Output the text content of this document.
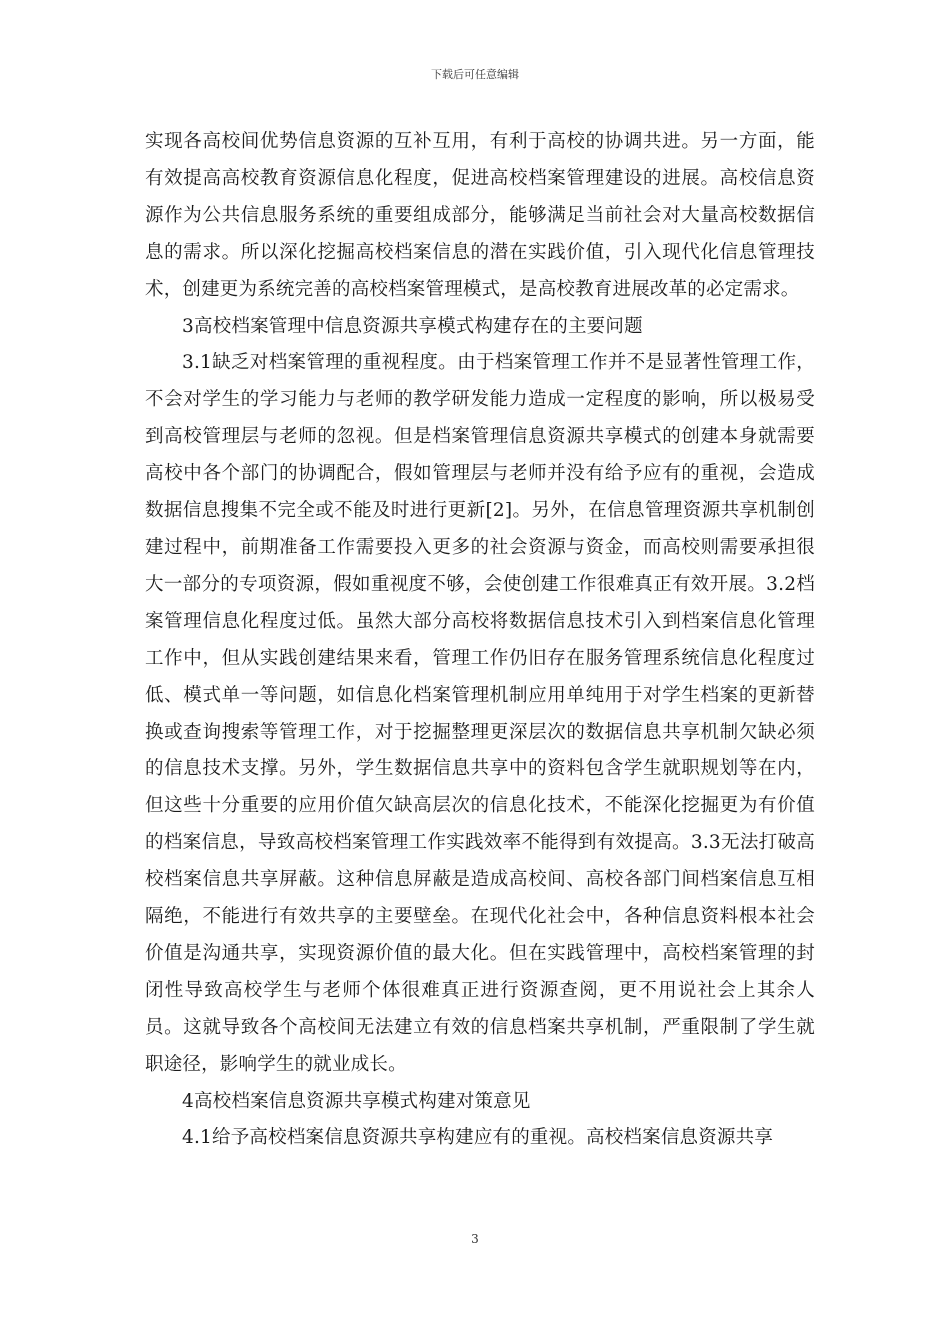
下载后可任意编辑

实现各高校间优势信息资源的互补互用，有利于高校的协调共进。另一方面，能有效提高高校教育资源信息化程度，促进高校档案管理建设的进展。高校信息资源作为公共信息服务系统的重要组成部分，能够满足当前社会对大量高校数据信息的需求。所以深化挖掘高校档案信息的潜在实践价值，引入现代化信息管理技术，创建更为系统完善的高校档案管理模式，是高校教育进展改革的必定需求。

3高校档案管理中信息资源共享模式构建存在的主要问题

3.1缺乏对档案管理的重视程度。由于档案管理工作并不是显著性管理工作，不会对学生的学习能力与老师的教学研发能力造成一定程度的影响，所以极易受到高校管理层与老师的忽视。但是档案管理信息资源共享模式的创建本身就需要高校中各个部门的协调配合，假如管理层与老师并没有给予应有的重视，会造成数据信息搜集不完全或不能及时进行更新[2]。另外，在信息管理资源共享机制创建过程中，前期准备工作需要投入更多的社会资源与资金，而高校则需要承担很大一部分的专项资源，假如重视度不够，会使创建工作很难真正有效开展。3.2档案管理信息化程度过低。虽然大部分高校将数据信息技术引入到档案信息化管理工作中，但从实践创建结果来看，管理工作仍旧存在服务管理系统信息化程度过低、模式单一等问题，如信息化档案管理机制应用单纯用于对学生档案的更新替换或查询搜索等管理工作，对于挖掘整理更深层次的数据信息共享机制欠缺必须的信息技术支撑。另外，学生数据信息共享中的资料包含学生就职规划等在内，但这些十分重要的应用价值欠缺高层次的信息化技术，不能深化挖掘更为有价值的档案信息，导致高校档案管理工作实践效率不能得到有效提高。3.3无法打破高校档案信息共享屏蔽。这种信息屏蔽是造成高校间、高校各部门间档案信息互相隔绝，不能进行有效共享的主要壁垒。在现代化社会中，各种信息资料根本社会价值是沟通共享，实现资源价值的最大化。但在实践管理中，高校档案管理的封闭性导致高校学生与老师个体很难真正进行资源查阅，更不用说社会上其余人员。这就导致各个高校间无法建立有效的信息档案共享机制，严重限制了学生就职途径，影响学生的就业成长。

4高校档案信息资源共享模式构建对策意见

4.1给予高校档案信息资源共享构建应有的重视。高校档案信息资源共享

3
